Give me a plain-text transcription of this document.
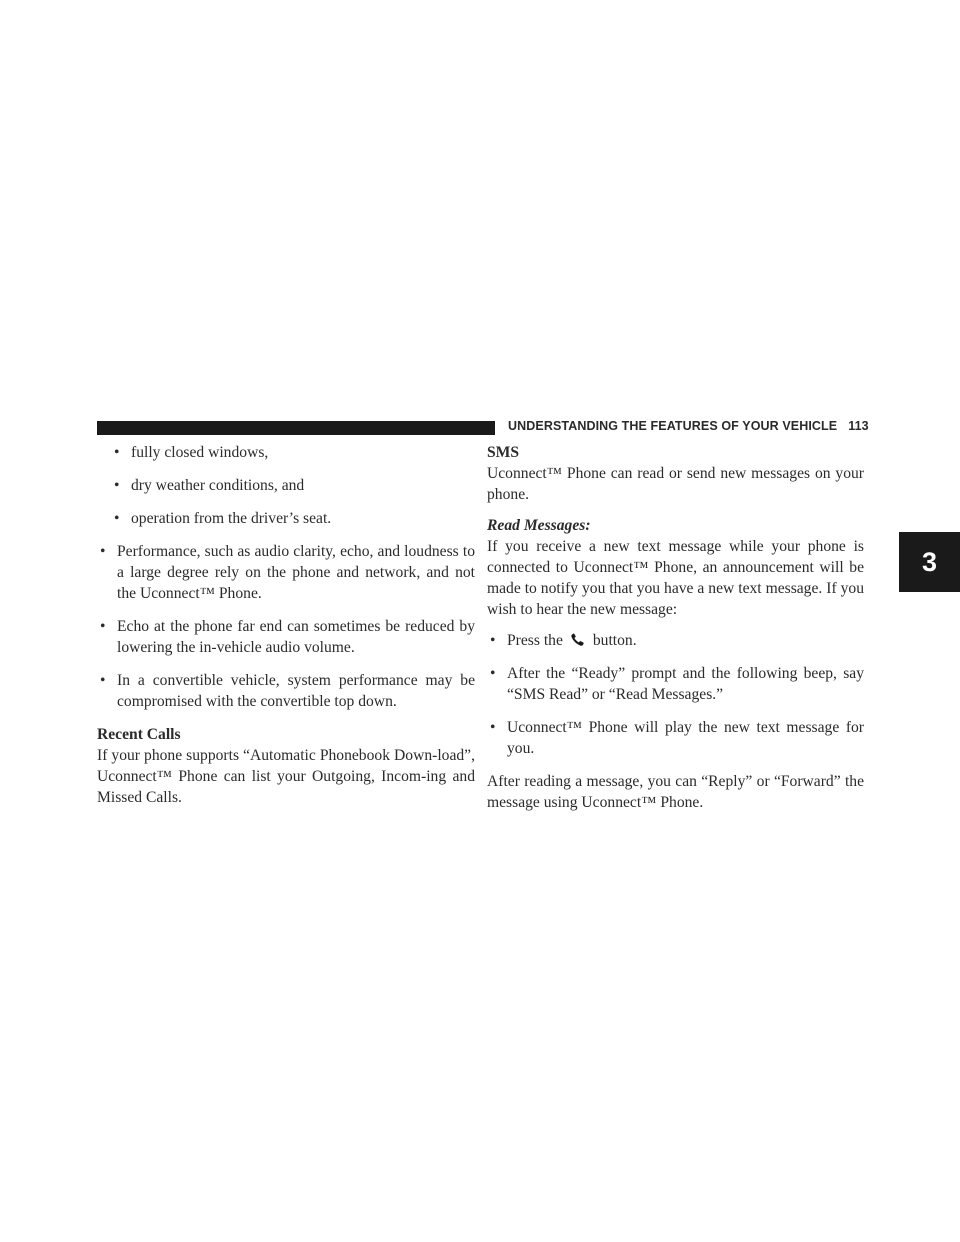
UNDERSTANDING THE FEATURES OF YOUR VEHICLE 113
3
• fully closed windows,
• dry weather conditions, and
• operation from the driver’s seat.
• Performance, such as audio clarity, echo, and loudness to a large degree rely on the phone and network, and not the Uconnect™ Phone.
• Echo at the phone far end can sometimes be reduced by lowering the in-vehicle audio volume.
• In a convertible vehicle, system performance may be compromised with the convertible top down.

Recent Calls

If your phone supports “Automatic Phonebook Down-load”, Uconnect™ Phone can list your Outgoing, Incom-ing and Missed Calls.

SMS

Uconnect™ Phone can read or send new messages on your phone.

Read Messages:

If you receive a new text message while your phone is connected to Uconnect™ Phone, an announcement will be made to notify you that you have a new text message. If you wish to hear the new message:

• Press the button.
• After the “Ready” prompt and the following beep, say “SMS Read” or “Read Messages.”
• Uconnect™ Phone will play the new text message for you.

After reading a message, you can “Reply” or “Forward” the message using Uconnect™ Phone.
